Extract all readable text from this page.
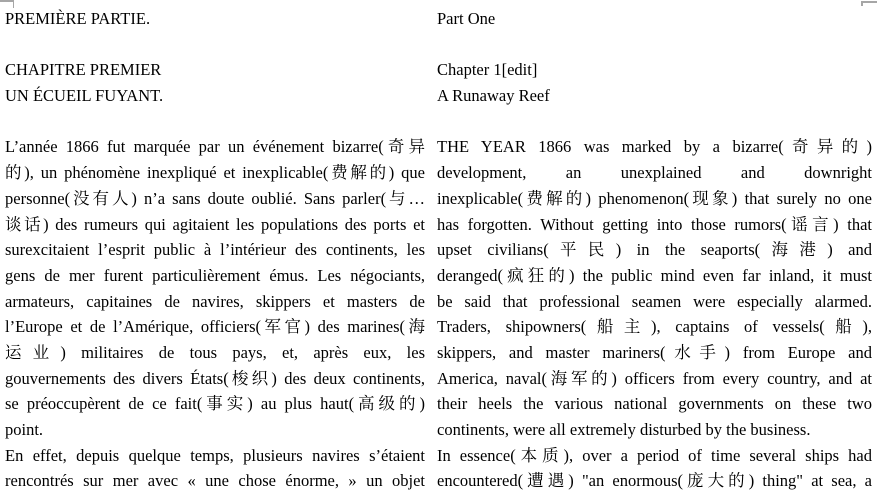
PREMIÈRE PARTIE.
CHAPITRE PREMIER
UN ÉCUEIL FUYANT.
L’année 1866 fut marquée par un événement bizarre(奇异
的), un phénomène inexpliqué et inexplicable(费解的) que
personne(没有人) n’a sans doute oublié. Sans parler(与…
谈话) des rumeurs qui agitaient les populations des ports et
surexcitaient l’esprit public à l’intérieur des continents, les
gens de mer furent particulièrement émus. Les négociants,
armateurs, capitaines de navires, skippers et masters de
l’Europe et de l’Amérique, officiers(军官) des marines(海
运业) militaires de tous pays, et, après eux, les
gouvernements des divers États(梭织) des deux continents,
se préoccupèrent de ce fait(事实) au plus haut(高级的)
point.
En effet, depuis quelque temps, plusieurs navires s’étaient
rencontrés sur mer avec « une chose énorme, » un objet
Part One
Chapter 1[edit]
A Runaway Reef
THE YEAR 1866 was marked by a bizarre(奇异的)
development, an unexplained and downright
inexplicable(费解的) phenomenon(现象) that surely no one
has forgotten. Without getting into those rumors(谣言) that
upset civilians(平民) in the seaports(海港) and
deranged(疯狂的) the public mind even far inland, it must
be said that professional seamen were especially alarmed.
Traders, shipowners(船主), captains of vessels(船),
skippers, and master mariners(水手) from Europe and
America, naval(海军的) officers from every country, and at
their heels the various national governments on these two
continents, were all extremely disturbed by the business.
In essence(本质), over a period of time several ships had
encountered(遭遇) "an enormous(庞大的) thing" at sea, a
